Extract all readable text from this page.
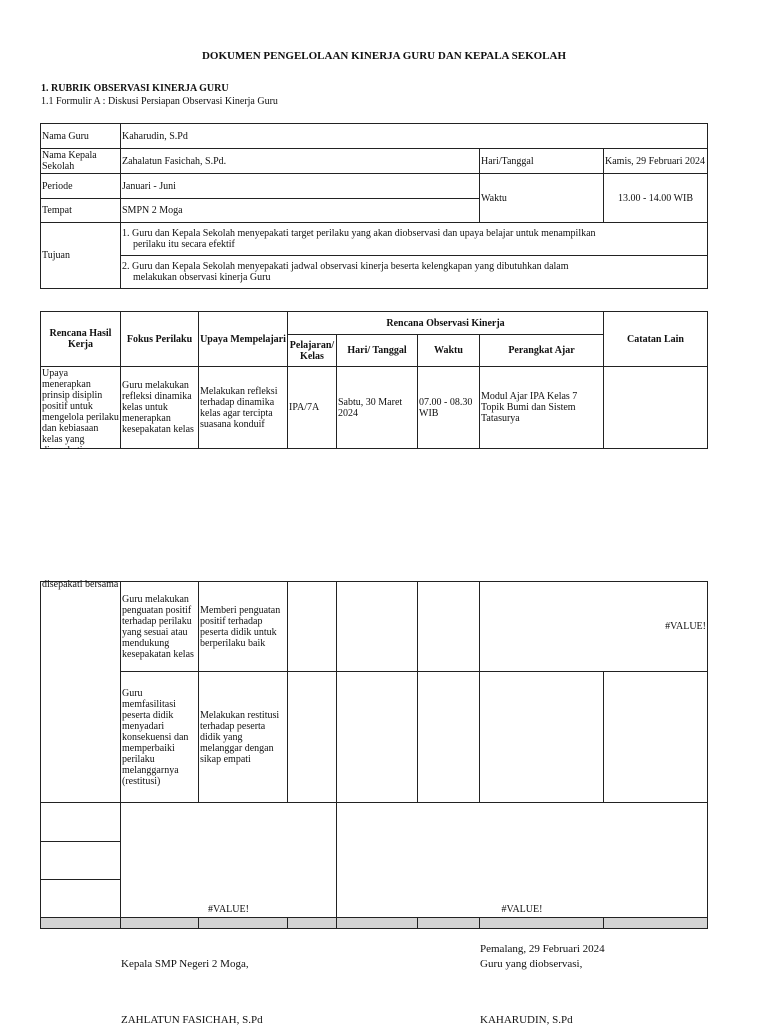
DOKUMEN PENGELOLAAN KINERJA GURU DAN KEPALA SEKOLAH
1. RUBRIK OBSERVASI KINERJA GURU
1.1 Formulir A : Diskusi Persiapan Observasi Kinerja Guru
Nama Guru	Kaharudin, S.Pd		
Nama Kepala Sekolah	Zahalatun Fasichah, S.Pd.	Hari/Tanggal	Kamis, 29 Februari 2024
Periode	Januari - Juni	Waktu	13.00 - 14.00 WIB
Tempat	SMPN 2 Moga		
Tujuan	1. Guru dan Kepala Sekolah menyepakati target perilaku yang akan diobservasi dan upaya belajar untuk menampilkan
perilaku itu secara efektif		

	2. Guru dan Kepala Sekolah menyepakati jadwal observasi kinerja beserta kelengkapan yang dibutuhkan dalam
melakukan observasi kinerja Guru		
Rencana Hasil Kerja	Fokus Perilaku	Upaya Mempelajari	Rencana Observasi Kinerja				Catatan Lain
			Pelajaran/ Kelas	Hari/ Tanggal	Waktu	Perangkat Ajar	

Upaya menerapkan prinsip disiplin positif untuk mengelola perilaku dan kebiasaan kelas yang	Guru melakukan refleksi dinamika kelas untuk menerapkan kesepakatan kelas	Melakukan refleksi terhadap dinamika kelas agar tercipta suasana konduif	IPA/7A	Sabtu, 30 Maret 2024	07.00 - 08.30 WIB	Modul Ajar IPA Kelas 7 Topik Bumi dan Sistem Tatasurya	
disepakati bersama	Guru melakukan penguatan positif terhadap perilaku yang sesuai atau mendukung kesepakatan kelas	Memberi penguatan positif terhadap peserta didik untuk berperilaku baik				#VALUE!	
	Guru memfasilitasi peserta didik menyadari konsekuensi dan memperbaiki perilaku melanggarnya (restitusi)	Melakukan restitusi terhadap peserta didik yang melanggar dengan sikap empati					
	#VALUE!			#VALUE!			

Pemalang, 29 Februari 2024
Kepala SMP Negeri 2 Moga,	Guru yang diobservasi,
ZAHLATUN FASICHAH, S.Pd	KAHARUDIN, S.Pd
